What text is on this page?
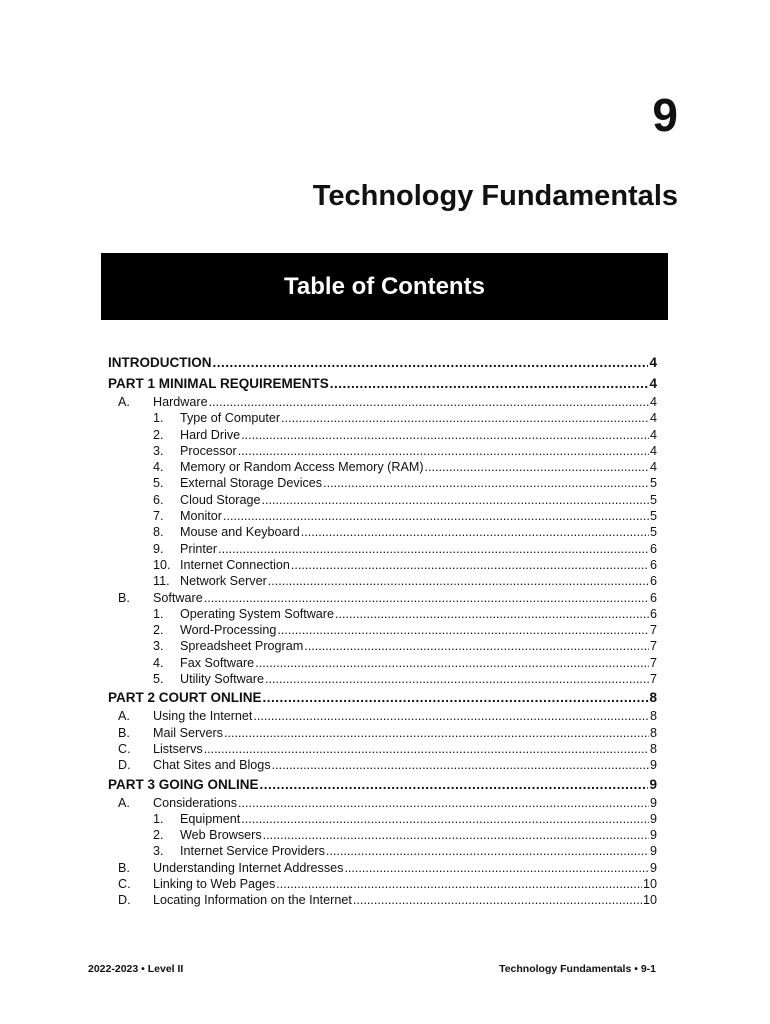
9
Technology Fundamentals
Table of Contents
INTRODUCTION .....	4
PART 1 MINIMAL REQUIREMENTS .....	4
A.	Hardware .....	4
1.	Type of Computer .....	4
2.	Hard Drive .....	4
3.	Processor .....	4
4.	Memory or Random Access Memory (RAM) .....	4
5.	External Storage Devices .....	5
6.	Cloud Storage .....	5
7.	Monitor .....	5
8.	Mouse and Keyboard .....	5
9.	Printer .....	6
10. Internet Connection .....	6
11. Network Server .....	6
B.	Software .....	6
1.	Operating System Software .....	6
2.	Word-Processing .....	7
3.	Spreadsheet Program .....	7
4.	Fax Software .....	7
5.	Utility Software .....	7
PART 2 COURT ONLINE .....	8
A.	Using the Internet .....	8
B.	Mail Servers .....	8
C.	Listservs .....	8
D.	Chat Sites and Blogs .....	9
PART 3 GOING ONLINE .....	9
A.	Considerations .....	9
1.	Equipment .....	9
2.	Web Browsers .....	9
3.	Internet Service Providers .....	9
B.	Understanding Internet Addresses .....	9
C.	Linking to Web Pages .....	10
D.	Locating Information on the Internet .....	10
2022-2023 • Level II	Technology Fundamentals • 9-1
